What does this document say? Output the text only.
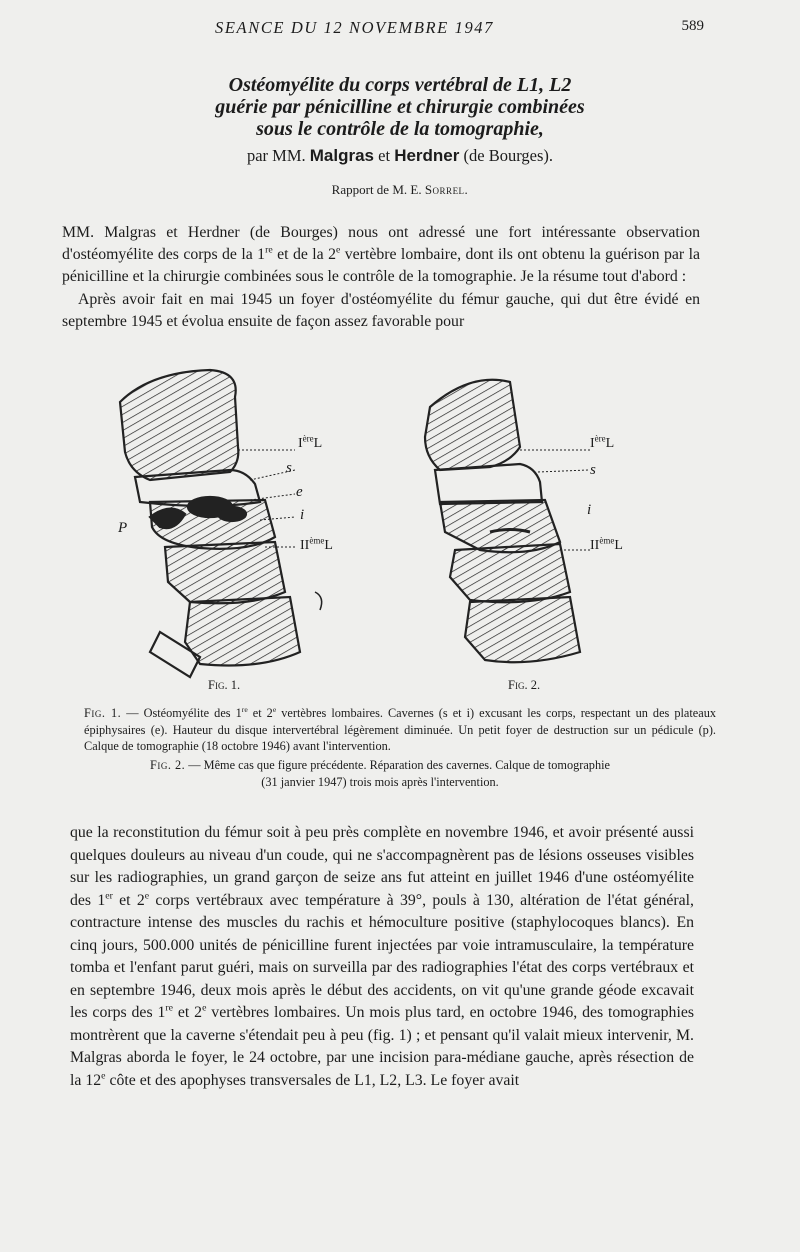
SEANCE DU 12 NOVEMBRE 1947	589
Ostéomyélite du corps vertébral de L1, L2
guérie par pénicilline et chirurgie combinées
sous le contrôle de la tomographie,
par MM. Malgras et Herdner (de Bourges).
Rapport de M. E. Sorrel.

MM. Malgras et Herdner (de Bourges) nous ont adressé une fort intéressante observation d'ostéomyélite des corps de la 1re et de la 2e vertèbre lombaire, dont ils ont obtenu la guérison par la pénicilline et la chirurgie combinées sous le contrôle de la tomographie. Je la résume tout d'abord :

Après avoir fait en mai 1945 un foyer d'ostéomyélite du fémur gauche, qui dut être évidé en septembre 1945 et évolua ensuite de façon assez favorable pour

IèreL
s
e
i
P
IIèmeL
Fig. 1.
IèreL
s
i
IIèmeL
Fig. 2.

Fig. 1. — Ostéomyélite des 1re et 2e vertèbres lombaires. Cavernes (s et i) excusant les corps, respectant un des plateaux épiphysaires (e). Hauteur du disque intervertébral légèrement diminuée. Un petit foyer de destruction sur un pédicule (p). Calque de tomographie (18 octobre 1946) avant l'intervention.

Fig. 2. — Même cas que figure précédente. Réparation des cavernes. Calque de tomographie

(31 janvier 1947) trois mois après l'intervention.

que la reconstitution du fémur soit à peu près complète en novembre 1946, et avoir présenté aussi quelques douleurs au niveau d'un coude, qui ne s'accompagnèrent pas de lésions osseuses visibles sur les radiographies, un grand garçon de seize ans fut atteint en juillet 1946 d'une ostéomyélite des 1er et 2e corps vertébraux avec température à 39°, pouls à 130, altération de l'état général, contracture intense des muscles du rachis et hémoculture positive (staphylocoques blancs). En cinq jours, 500.000 unités de pénicilline furent injectées par voie intramusculaire, la température tomba et l'enfant parut guéri, mais on surveilla par des radiographies l'état des corps vertébraux et en septembre 1946, deux mois après le début des accidents, on vit qu'une grande géode excavait les corps des 1re et 2e vertèbres lombaires. Un mois plus tard, en octobre 1946, des tomographies montrèrent que la caverne s'étendait peu à peu (fig. 1) ; et pensant qu'il valait mieux intervenir, M. Malgras aborda le foyer, le 24 octobre, par une incision para-médiane gauche, après résection de la 12e côte et des apophyses transversales de L1, L2, L3. Le foyer avait
